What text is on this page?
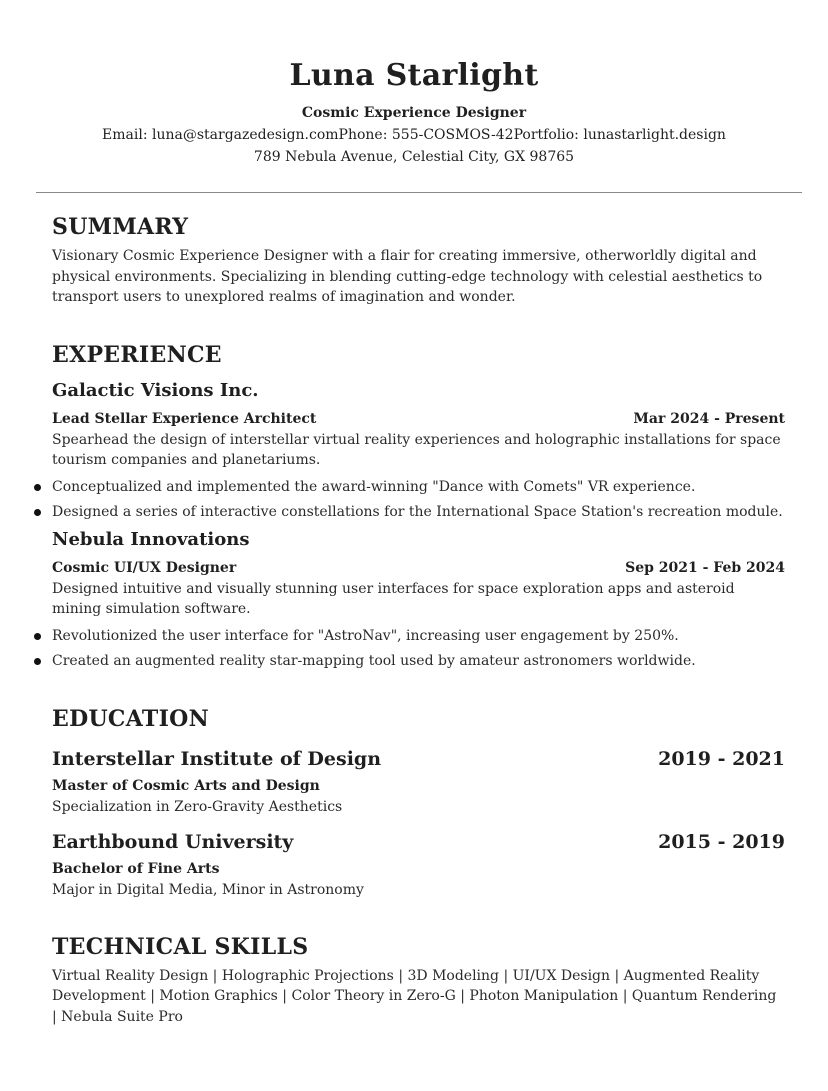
Luna Starlight
Cosmic Experience Designer
Email: luna@stargazedesign.comPhone: 555-COSMOS-42Portfolio: lunastarlight.design
789 Nebula Avenue, Celestial City, GX 98765
SUMMARY
Visionary Cosmic Experience Designer with a flair for creating immersive, otherworldly digital and physical environments. Specializing in blending cutting-edge technology with celestial aesthetics to transport users to unexplored realms of imagination and wonder.
EXPERIENCE
Galactic Visions Inc.
Lead Stellar Experience Architect	Mar 2024 - Present
Spearhead the design of interstellar virtual reality experiences and holographic installations for space tourism companies and planetariums.
Conceptualized and implemented the award-winning "Dance with Comets" VR experience.
Designed a series of interactive constellations for the International Space Station's recreation module.
Nebula Innovations
Cosmic UI/UX Designer	Sep 2021 - Feb 2024
Designed intuitive and visually stunning user interfaces for space exploration apps and asteroid mining simulation software.
Revolutionized the user interface for "AstroNav", increasing user engagement by 250%.
Created an augmented reality star-mapping tool used by amateur astronomers worldwide.
EDUCATION
Interstellar Institute of Design	2019 - 2021
Master of Cosmic Arts and Design
Specialization in Zero-Gravity Aesthetics
Earthbound University	2015 - 2019
Bachelor of Fine Arts
Major in Digital Media, Minor in Astronomy
TECHNICAL SKILLS
Virtual Reality Design | Holographic Projections | 3D Modeling | UI/UX Design | Augmented Reality Development | Motion Graphics | Color Theory in Zero-G | Photon Manipulation | Quantum Rendering | Nebula Suite Pro
